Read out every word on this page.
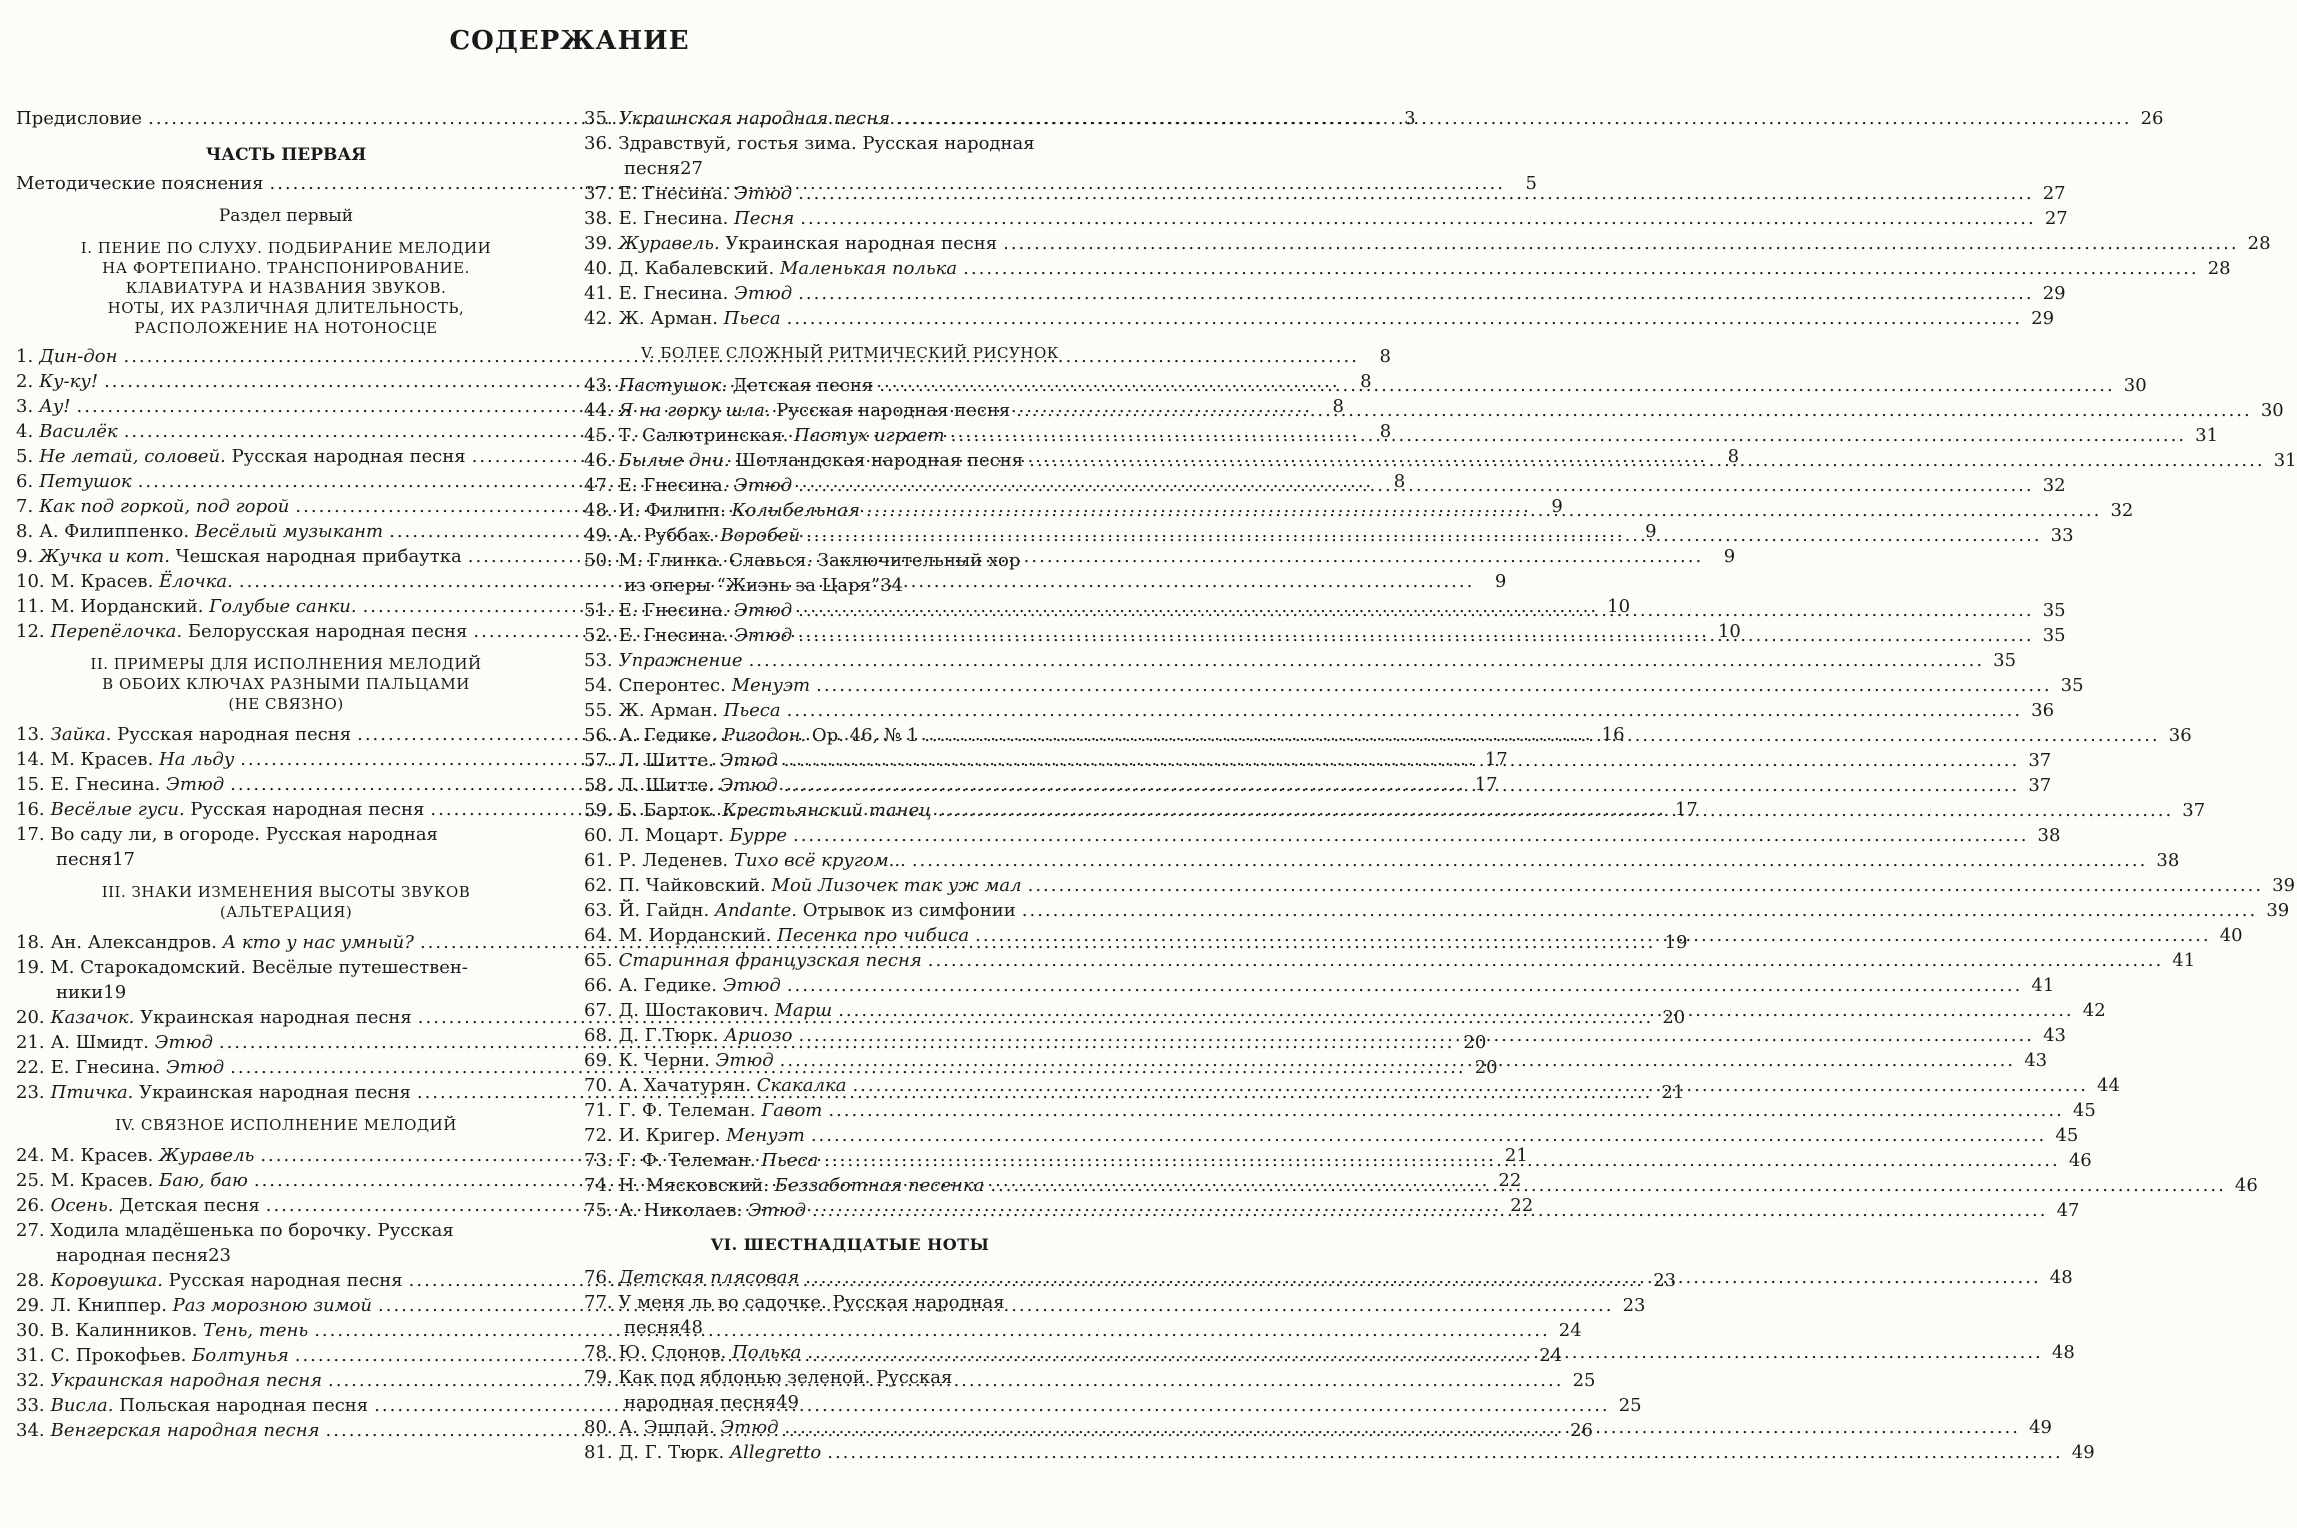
СОДЕРЖАНИЕ
Предисловие .....	3
ЧАСТЬ ПЕРВАЯ
Методические пояснения .....	5
Раздел первый
I. ПЕНИЕ ПО СЛУХУ. ПОДБИРАНИЕ МЕЛОДИИ
НА ФОРТЕПИАНО. ТРАНСПОНИРОВАНИЕ.
КЛАВИАТУРА И НАЗВАНИЯ ЗВУКОВ.
НОТЫ, ИХ РАЗЛИЧНАЯ ДЛИТЕЛЬНОСТЬ,
РАСПОЛОЖЕНИЕ НА НОТОНОСЦЕ
1. Дин-дон .....	8
2. Ку-ку! .....	8
3. Ау! .....	8
4. Василёк .....	8
5. Не летай, соловей. Русская народная песня .....	8
6. Петушок .....	8
7. Как под горкой, под горой .....	9
8. А. Филиппенко. Весёлый музыкант .....	9
9. Жучка и кот. Чешская народная прибаутка .....	9
10. М. Красев. Ёлочка. .....	9
11. М. Иорданский. Голубые санки. .....	10
12. Перепёлочка. Белорусская народная песня .....	10
II. ПРИМЕРЫ ДЛЯ ИСПОЛНЕНИЯ МЕЛОДИЙ
В ОБОИХ КЛЮЧАХ РАЗНЫМИ ПАЛЬЦАМИ
(НЕ СВЯЗНО)
13. Зайка. Русская народная песня .....	16
14. М. Красев. На льду .....	17
15. Е. Гнесина. Этюд .....	17
16. Весёлые гуси. Русская народная песня .....	17
17. Во саду ли, в огороде. Русская народная
песня 17
III. ЗНАКИ ИЗМЕНЕНИЯ ВЫСОТЫ ЗВУКОВ
(АЛЬТЕРАЦИЯ)
18. Ан. Александров. А кто у нас умный? .....	19
19. М. Старокадомский. Весёлые путешествен-
ники 19
20. Казачок. Украинская народная песня .....	20
21. А. Шмидт. Этюд .....	20
22. Е. Гнесина. Этюд .....	20
23. Птичка. Украинская народная песня .....	21
IV. СВЯЗНОЕ ИСПОЛНЕНИЕ МЕЛОДИЙ
24. М. Красев. Журавель .....	21
25. М. Красев. Баю, баю .....	22
26. Осень. Детская песня .....	22
27. Ходила младёшенька по борочку. Русская
народная песня 23
28. Коровушка. Русская народная песня .....	23
29. Л. Книппер. Раз морозною зимой .....	23
30. В. Калинников. Тень, тень .....	24
31. С. Прокофьев. Болтунья .....	24
32. Украинская народная песня .....	25
33. Висла. Польская народная песня .....	25
34. Венгерская народная песня .....	26
35. Украинская народная песня .....	26
36. Здравствуй, гостья зима. Русская народная
песня 27
37. Е. Гнесина. Этюд .....	27
38. Е. Гнесина. Песня .....	27
39. Журавель. Украинская народная песня .....	28
40. Д. Кабалевский. Маленькая полька .....	28
41. Е. Гнесина. Этюд .....	29
42. Ж. Арман. Пьеса .....	29
V. БОЛЕЕ СЛОЖНЫЙ РИТМИЧЕСКИЙ РИСУНОК
43. Пастушок. Детская песня .....	30
44. Я на горку шла. Русская народная песня .....	30
45. Т. Салютринская. Пастух играет .....	31
46. Былые дни. Шотландская народная песня .....	31
47. Е. Гнесина. Этюд .....	32
48. И. Филипп. Колыбельная .....	32
49. А. Руббах. Воробей .....	33
50. М. Глинка. Славься. Заключительный хор
из оперы “Жизнь за Царя” 34
51. Е. Гнесина. Этюд .....	35
52. Е. Гнесина. Этюд .....	35
53. Упражнение .....	35
54. Сперонтес. Менуэт .....	35
55. Ж. Арман. Пьеса .....	36
56. А. Гедике. Ригодон. Ор. 46, № 1 .....	36
57. Л. Шитте. Этюд .....	37
58. Л. Шитте. Этюд .....	37
59. Б. Барток. Крестьянский танец .....	37
60. Л. Моцарт. Бурре .....	38
61. Р. Леденев. Тихо всё кругом... .....	38
62. П. Чайковский. Мой Лизочек так уж мал .....	39
63. Й. Гайдн. Andante. Отрывок из симфонии .....	39
64. М. Иорданский. Песенка про чибиса .....	40
65. Старинная французская песня .....	41
66. А. Гедике. Этюд .....	41
67. Д. Шостакович. Марш .....	42
68. Д. Г.Тюрк. Ариозо .....	43
69. К. Черни. Этюд .....	43
70. А. Хачатурян. Скакалка .....	44
71. Г. Ф. Телеман. Гавот .....	45
72. И. Кригер. Менуэт .....	45
73. Г. Ф. Телеман. Пьеса .....	46
74. Н. Мясковский. Беззаботная песенка .....	46
75. А. Николаев. Этюд .....	47
VI. ШЕСТНАДЦАТЫЕ НОТЫ
76. Детская плясовая .....	48
77. У меня ль во садочке. Русская народная
песня 48
78. Ю. Слонов. Полька .....	48
79. Как под яблонью зеленой. Русская
народная песня 49
80. А. Эшпай. Этюд .....	49
81. Д. Г. Тюрк. Allegretto .....	49
